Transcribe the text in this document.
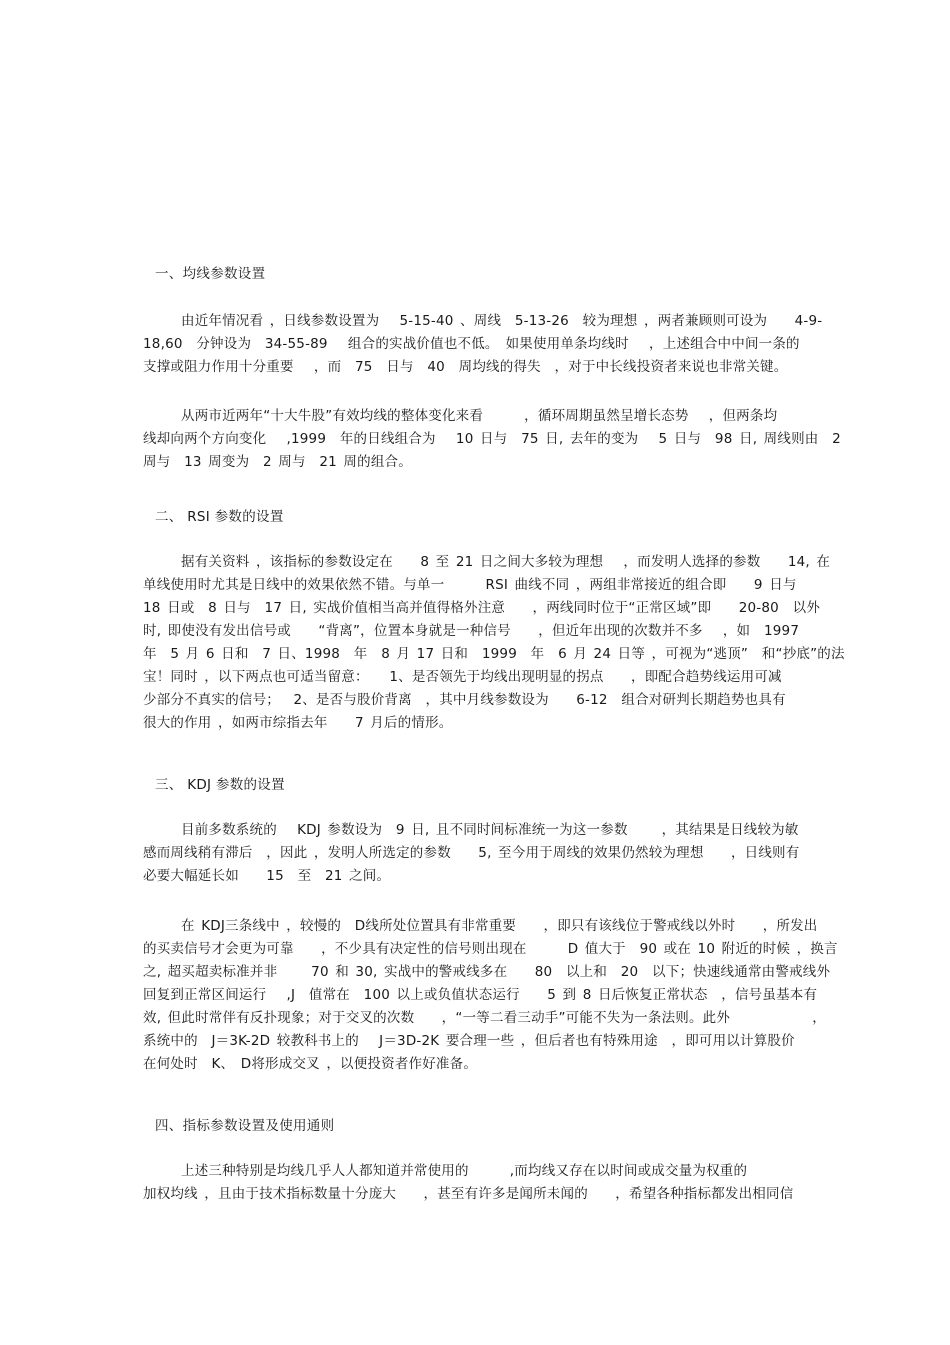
一、均线参数设置
由近年情况看 ，日线参数设置为　 5-15-40 、周线　5-13-26　较为理想 ，两者兼顾则可设为　　4-9-
18,60　分钟设为　34-55-89　 组合的实战价值也不低。　如果使用单条均线时　 ，上述组合中中间一条的
支撑或阻力作用十分重要　 ，而　75　日与　40　周均线的得失　，对于中长线投资者来说也非常关键。
从两市近两年“十大牛股”有效均线的整体变化来看　　　，循环周期虽然呈增长态势　 ，但两条均
线却向两个方向变化　 ,1999　年的日线组合为　 10 日与　75 日, 去年的变为　 5 日与　98 日, 周线则由　2
周与　13 周变为　2 周与　21 周的组合。
二、 RSI 参数的设置
据有关资料 ，该指标的参数设定在　　8 至 21 日之间大多较为理想　 ，而发明人选择的参数　　14, 在
单线使用时尤其是日线中的效果依然不错。与单一　　　RSI 曲线不同 ，两组非常接近的组合即　　9 日与
18 日或　8 日与　17 日, 实战价值相当高并值得格外注意　　，两线同时位于“正常区域”即　　20-80　以外
时, 即使没有发出信号或　　“背离”，位置本身就是一种信号　　，但近年出现的次数并不多　 ，如　1997
年　5 月 6 日和　7 日、1998　年　8 月 17 日和　1999　年　6 月 24 日等 ，可视为“逃顶”　和“抄底”的法
宝！同时 ，以下两点也可适当留意：　　1、是否领先于均线出现明显的拐点　　，即配合趋势线运用可减
少部分不真实的信号；　 2、是否与股价背离　，其中月线参数设为　　6-12　组合对研判长期趋势也具有
很大的作用 ，如两市综指去年　　7 月后的情形。
三、 KDJ 参数的设置
目前多数系统的　 KDJ 参数设为　9 日, 且不同时间标准统一为这一参数　　 ，其结果是日线较为敏
感而周线稍有滞后　，因此 ，发明人所选定的参数　　5, 至今用于周线的效果仍然较为理想　　，日线则有
必要大幅延长如　　15　至　21 之间。
在 KDJ三条线中 ，较慢的　D线所处位置具有非常重要　　，即只有该线位于警戒线以外时　　，所发出
的买卖信号才会更为可靠　　，不少具有决定性的信号则出现在　　　D 值大于　90 或在 10 附近的时候 ，换言
之, 超买超卖标准并非　　 70 和 30, 实战中的警戒线多在　　80　以上和　20　以下；快速线通常由警戒线外
回复到正常区间运行　 ,J　值常在　100 以上或负值状态运行　　5 到 8 日后恢复正常状态　，信号虽基本有
效, 但此时常伴有反扑现象；对于交叉的次数　　，“一等二看三动手”可能不失为一条法则。此外　　　　　　，
系统中的　J＝3K-2D 较教科书上的　 J＝3D-2K 要合理一些 ，但后者也有特殊用途　，即可用以计算股价
在何处时　K、 D将形成交叉 ，以便投资者作好准备。
四、指标参数设置及使用通则
上述三种特别是均线几乎人人都知道并常使用的　　　,而均线又存在以时间或成交量为权重的
加权均线 ，且由于技术指标数量十分庞大　　，甚至有许多是闻所未闻的　　，希望各种指标都发出相同信
